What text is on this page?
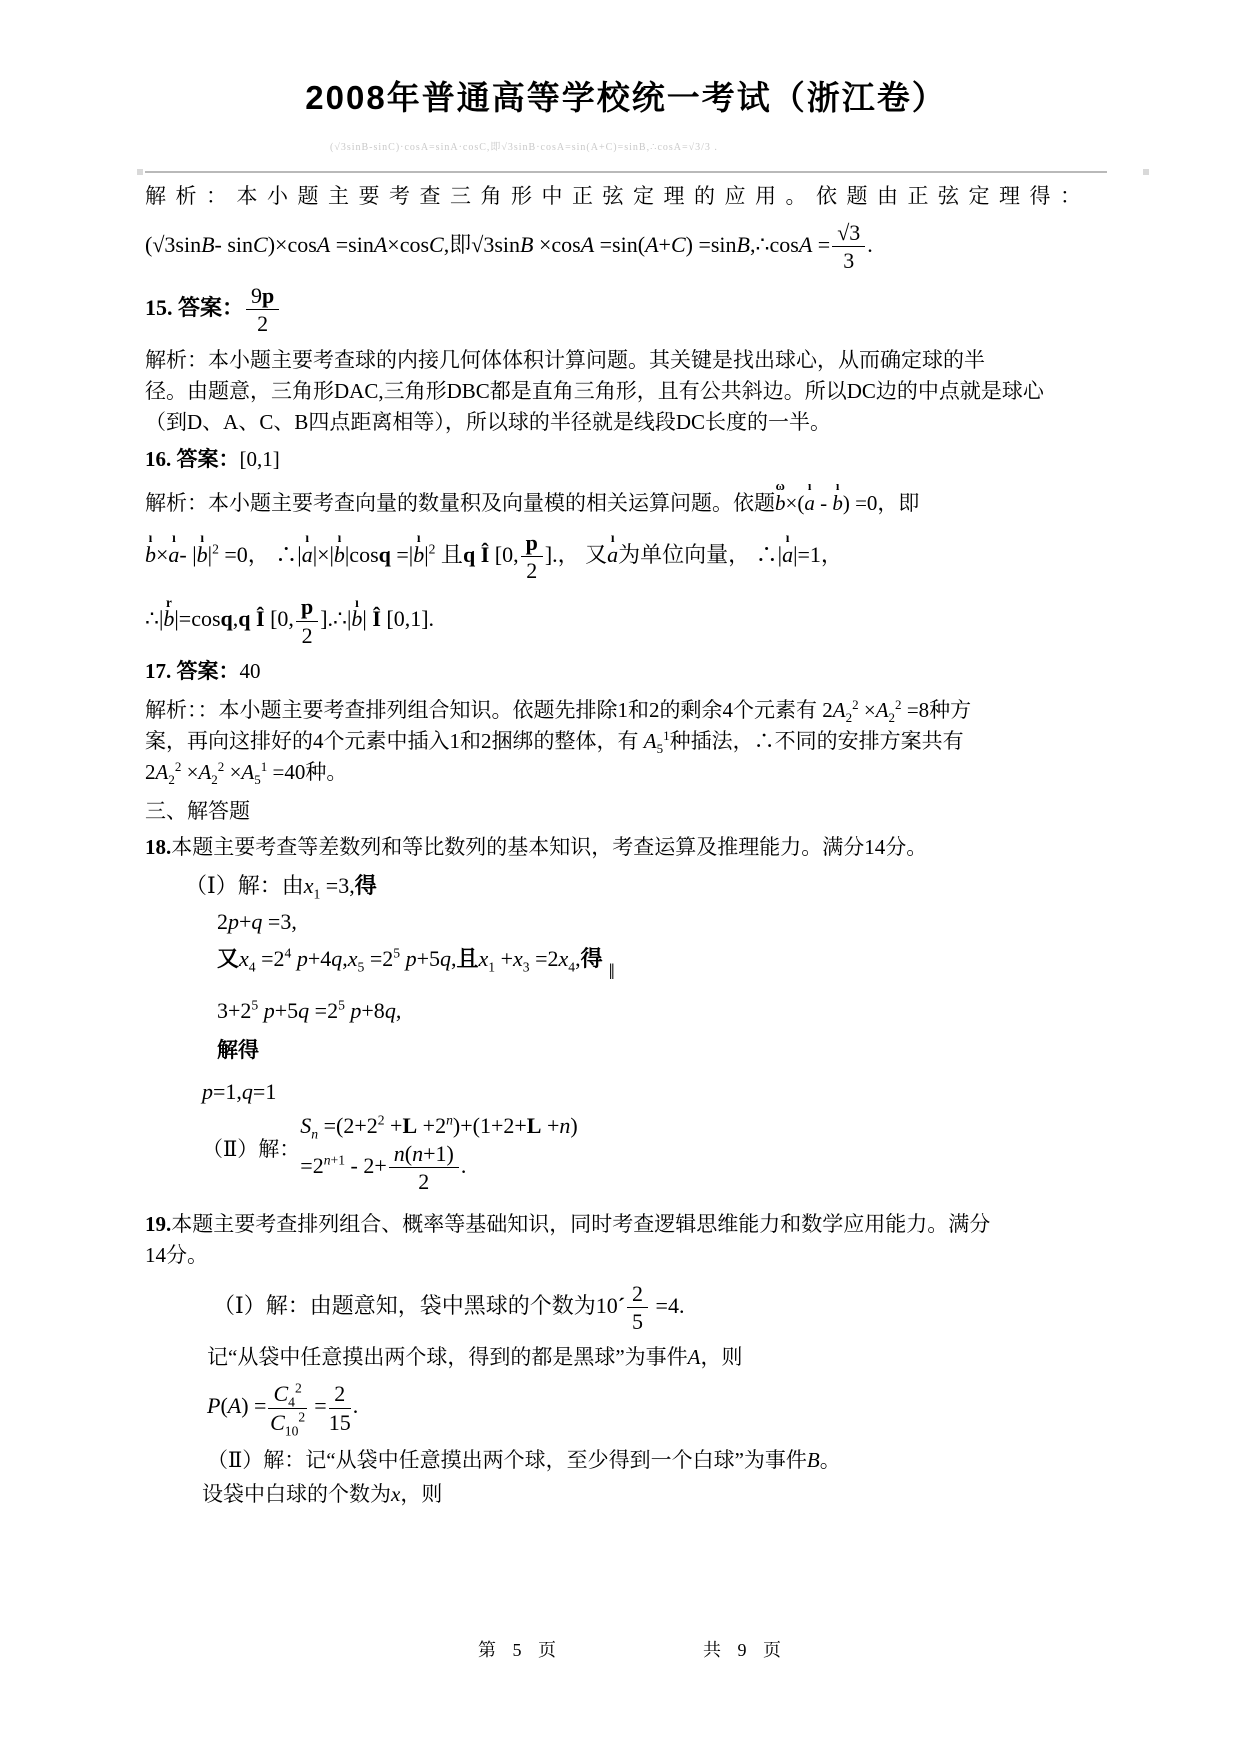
(√3sinB-sinC)·cosA=sinA·cosC,即√3sinB·cosA=sin(A+C)=sinB,∴cosA=√3/3 .
2008年普通高等学校统一考试（浙江卷）
解析：本小题主要考查三角形中正弦定理的应用。依题由正弦定理得：
(√3sinB- sinC)×cosA =sinA×cosC,即√3sinB ×cosA =sin(A+C) =sinB,∴cosA = $\frac{√3}{3}$ .
15. 答案： $\frac{9p}{2}$
解析：本小题主要考查球的内接几何体体积计算问题。其关键是找出球心，从而确定球的半
径。由题意，三角形DAC,三角形DBC都是直角三角形，且有公共斜边。所以DC边的中点就是球心
（到D、A、C、B四点距离相等），所以球的半径就是线段DC长度的一半。
16. 答案：[0,1]
解析：本小题主要考查向量的数量积及向量模的相关运算问题。依题
ω
b×(
ı
a -
ı
b) =0，即
ı
b×
ı
a- |
ı
$b|^2 =0$， ∴|
ı
a|×|
ı
b|cosq =|
ı
$b|^2$ 且q Î [0, $\frac{p}{2}$ ].， 又
ı
a为单位向量， ∴|
ı
a|=1，
∴|
r
b|=cosq,q Î [0, $\frac{p}{2}$ ].∴|
ı
b| Î [0,1].
17. 答案：40
解析：：本小题主要考查排列组合知识。依题先排除1和2的剩余4个元素有 $2A_2^2 \times A_2^2 =8$种方
案，再向这排好的4个元素中插入1和2捆绑的整体，有 $A_5^1$种插法，∴不同的安排方案共有
$2A_2^2 \times A_2^2 \times A_5^1 =40$种。
三、解答题
18.本题主要考查等差数列和等比数列的基本知识，考查运算及推理能力。满分14分。
（Ⅰ）解：由$x_1 =3$,得
2p+q =3,
又$x_4 =2^4$ $p+4q,x_5 =2^5$ p+5q,且$x_1 +x_3 =2x_4$,得‖
$3+2^5$ $p+5q =2^5$ p+8q,
解得
p=1,q=1
（Ⅱ）解：
$S_n =(2+2^2 +L +2^n)+(1+2+L +n)$
$=2^{n+1} - 2+ \frac{n(n+1)}{2}$ .
19.本题主要考查排列组合、概率等基础知识，同时考查逻辑思维能力和数学应用能力。满分
14分。
（Ⅰ）解：由题意知，袋中黑球的个数为10´ $\frac{2}{5} =4$.
记“从袋中任意摸出两个球，得到的都是黑球”为事件A，则
$P(A) = \frac{C_4^2}{C_{10}^2} = \frac{2}{15}$ .
（Ⅱ）解：记“从袋中任意摸出两个球，至少得到一个白球”为事件B。
设袋中白球的个数为x，则
第 5 页	共 9 页
